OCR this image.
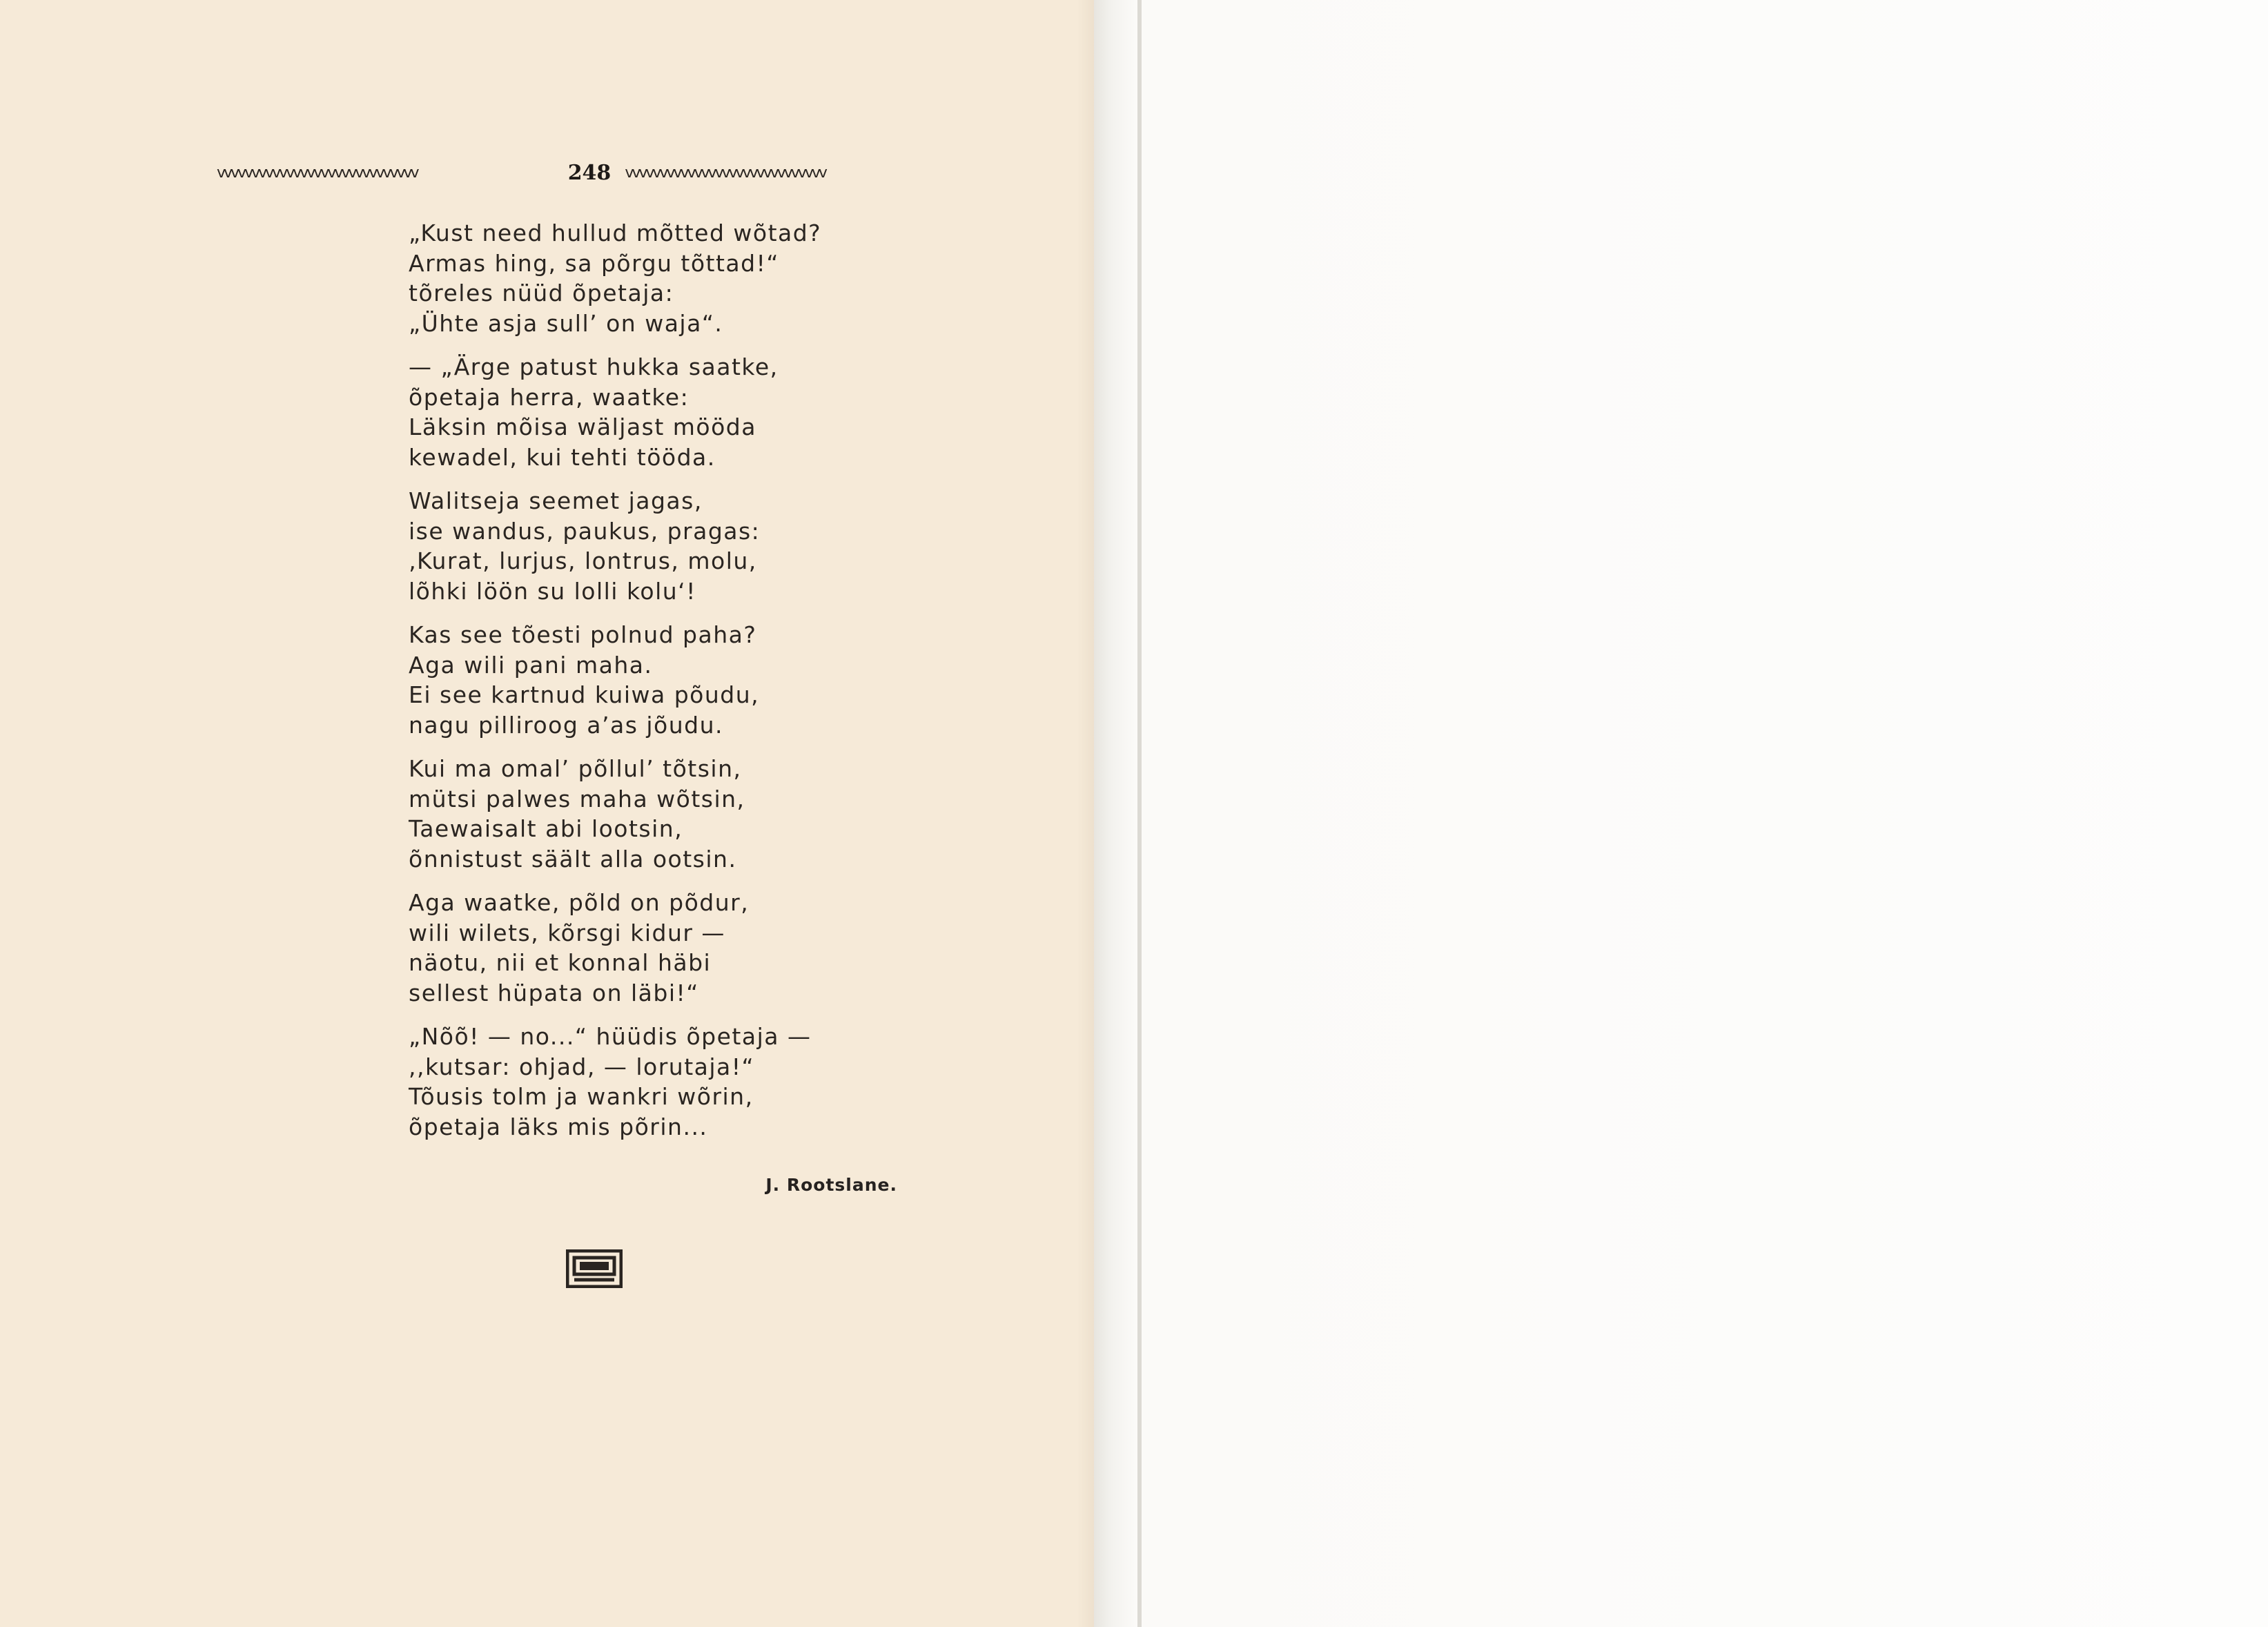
vvvvvvvvvvvvvvvvvvvvvvvvvvvvv	248 vvvvvvvvvvvvvvvvvvvvvvvvvvvvv
„Kust need hullud mõtted wõtad?
Armas hing, sa põrgu tõttad!“
tõreles nüüd õpetaja:
„Ühte asja sull’ on waja“.
— „Ärge patust hukka saatke,
õpetaja herra, waatke:
Läksin mõisa wäljast mööda
kewadel, kui tehti tööda.
Walitseja seemet jagas,
ise wandus, paukus, pragas:
‚Kurat, lurjus, lontrus, molu,
lõhki löön su lolli kolu‘!
Kas see tõesti polnud paha?
Aga wili pani maha.
Ei see kartnud kuiwa põudu,
nagu pilliroog a’as jõudu.
Kui ma omal’ põllul’ tõtsin,
mütsi palwes maha wõtsin,
Taewaisalt abi lootsin,
õnnistust säält alla ootsin.
Aga waatke, põld on põdur,
wili wilets, kõrsgi kidur —
näotu, nii et konnal häbi
sellest hüpata on läbi!“
„Nõõ! — no...“ hüüdis õpetaja —
,,kutsar: ohjad, — lorutaja!“
Tõusis tolm ja wankri wõrin,
õpetaja läks mis põrin...
J. Rootslane.
